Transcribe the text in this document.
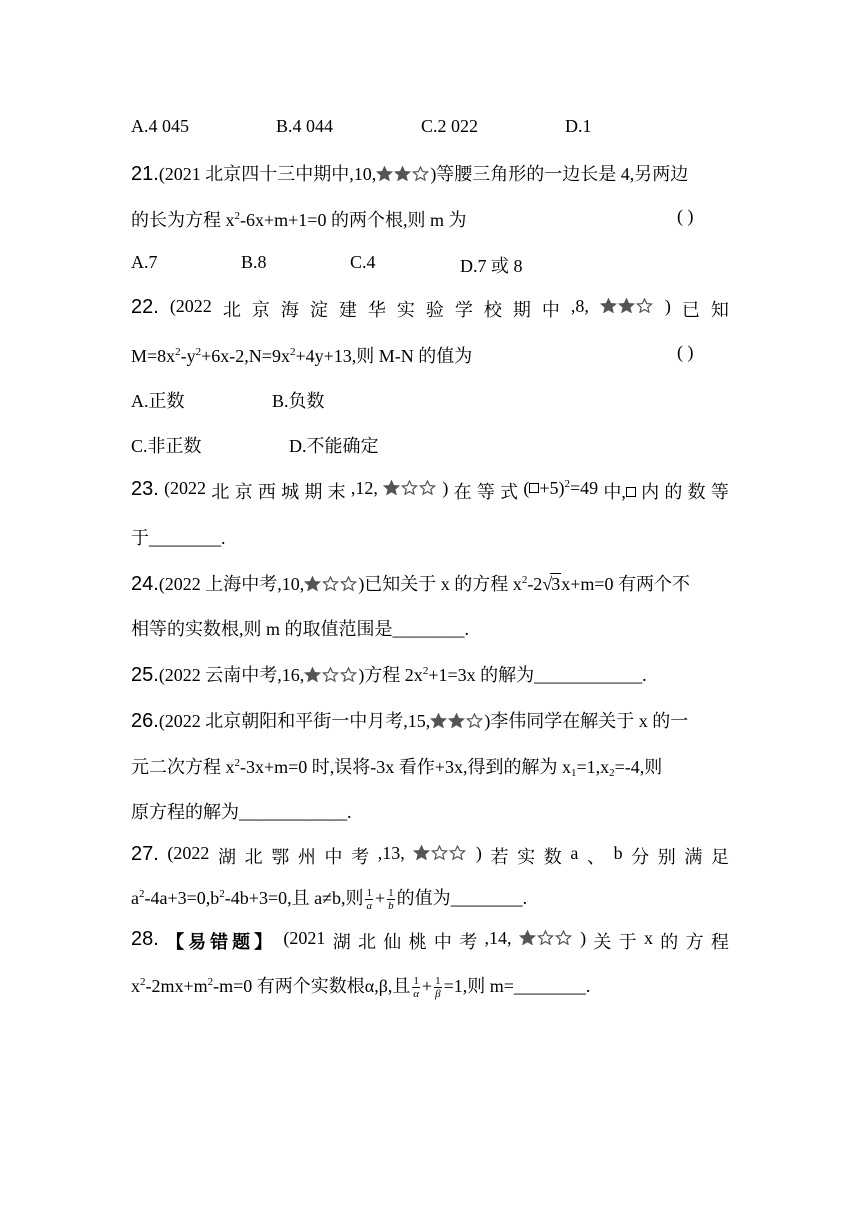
A.4 045	B.4 044	C.2 022	D.1
21.(2021 北京四十三中期中,10,	)等腰三角形的一边长是 4,另两边
的长为方程 $x^2-6x+m+1=0$ 的两个根,则 m 为	( )
A.7	B.8	C.4	D.7 或 8
22. (2022 北 京 海 淀 建 华 实 验 学 校 期 中 ,8,	) 已 知
$M=8x^2-y^2+6x-2,N=9x^2+4y+13$,则 M-N 的值为	( )
A.正数	B.负数
C.非正数	D.不能确定
23. (2022 北 京 西 城 期 末 ,12,	) 在 等 式 ( +5)$^2$=49 中, 内 的 数 等
于________.
24.(2022 上海中考,10,	)已知关于 x 的方程 $x^2-2√3x+m=0$ 有两个不
相等的实数根,则 m 的取值范围是________.
25.(2022 云南中考,16,	)方程 $2x^2+1=3x$ 的解为____________.
26.(2022 北京朝阳和平街一中月考,15,	)李伟同学在解关于 x 的一
元二次方程 $x^2-3x+m=0$ 时,误将-3x 看作+3x,得到的解为 $x_1=1,x_2=-4$,则
原方程的解为____________.
27. (2022 湖 北 鄂 州 中 考 ,13,	) 若 实 数 a 、 b 分 别 满 足
$a^2-4a+3=0,b^2-4b+3=0$,且 a≠b,则 $\frac{1}{a} + \frac{1}{b}$ 的值为________.
28. 【易错题】 (2021 湖 北 仙 桃 中 考 ,14,	) 关 于 x 的 方 程
$x^2-2mx+m^2-m=0$ 有两个实数根α,β,且 $\frac{1}{\alpha} + \frac{1}{\beta} =1$,则 m=________.
